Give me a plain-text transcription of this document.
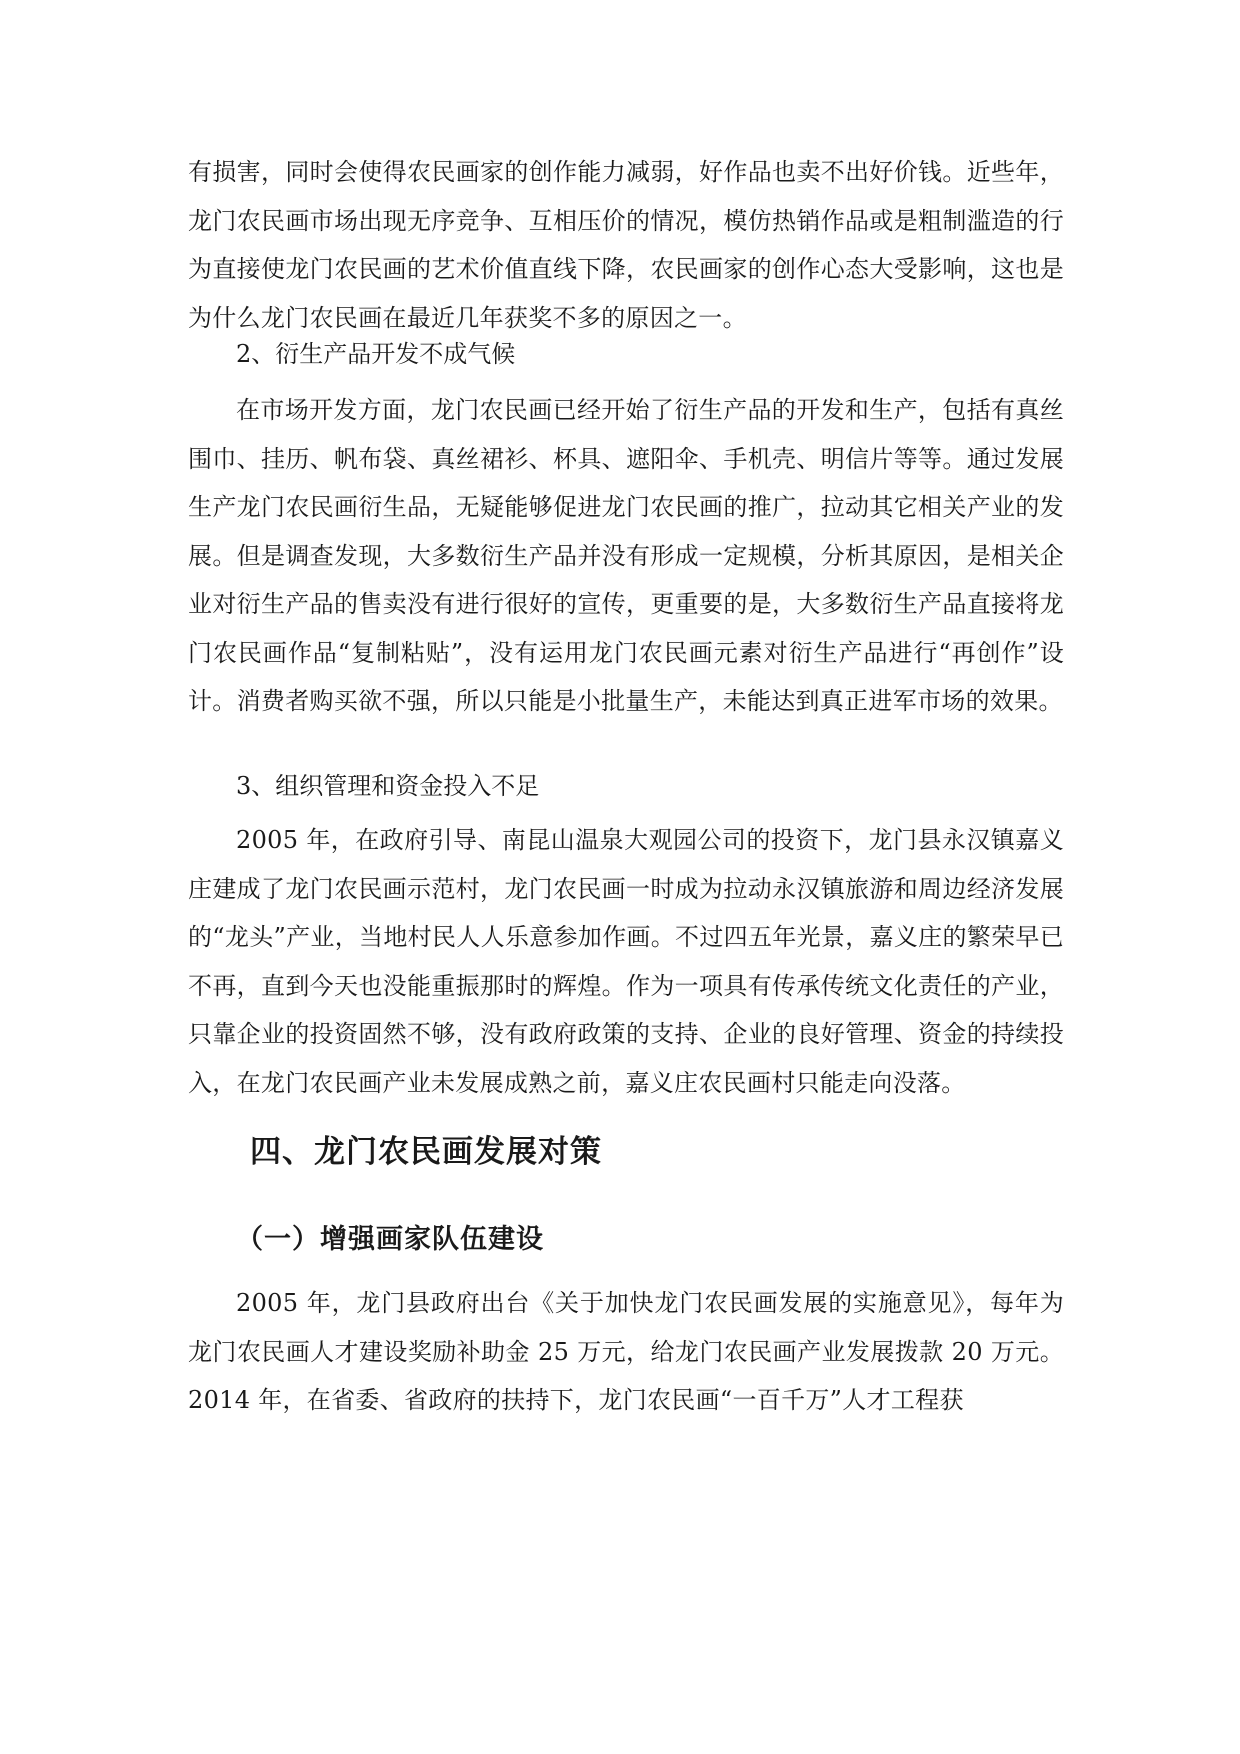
有损害，同时会使得农民画家的创作能力减弱，好作品也卖不出好价钱。近些年，龙门农民画市场出现无序竞争、互相压价的情况，模仿热销作品或是粗制滥造的行为直接使龙门农民画的艺术价值直线下降，农民画家的创作心态大受影响，这也是为什么龙门农民画在最近几年获奖不多的原因之一。

2、衍生产品开发不成气候

在市场开发方面，龙门农民画已经开始了衍生产品的开发和生产，包括有真丝围巾、挂历、帆布袋、真丝裙衫、杯具、遮阳伞、手机壳、明信片等等。通过发展生产龙门农民画衍生品，无疑能够促进龙门农民画的推广，拉动其它相关产业的发展。但是调查发现，大多数衍生产品并没有形成一定规模，分析其原因，是相关企业对衍生产品的售卖没有进行很好的宣传，更重要的是，大多数衍生产品直接将龙门农民画作品“复制粘贴”，没有运用龙门农民画元素对衍生产品进行“再创作”设计。消费者购买欲不强，所以只能是小批量生产，未能达到真正进军市场的效果。

3、组织管理和资金投入不足

2005 年，在政府引导、南昆山温泉大观园公司的投资下，龙门县永汉镇嘉义庄建成了龙门农民画示范村，龙门农民画一时成为拉动永汉镇旅游和周边经济发展的“龙头”产业，当地村民人人乐意参加作画。不过四五年光景，嘉义庄的繁荣早已不再，直到今天也没能重振那时的辉煌。作为一项具有传承传统文化责任的产业，只靠企业的投资固然不够，没有政府政策的支持、企业的良好管理、资金的持续投入，在龙门农民画产业未发展成熟之前，嘉义庄农民画村只能走向没落。

四、龙门农民画发展对策
（一）增强画家队伍建设

2005 年，龙门县政府出台《关于加快龙门农民画发展的实施意见》，每年为龙门农民画人才建设奖励补助金 25 万元，给龙门农民画产业发展拨款 20 万元。2014 年，在省委、省政府的扶持下，龙门农民画“一百千万”人才工程获
